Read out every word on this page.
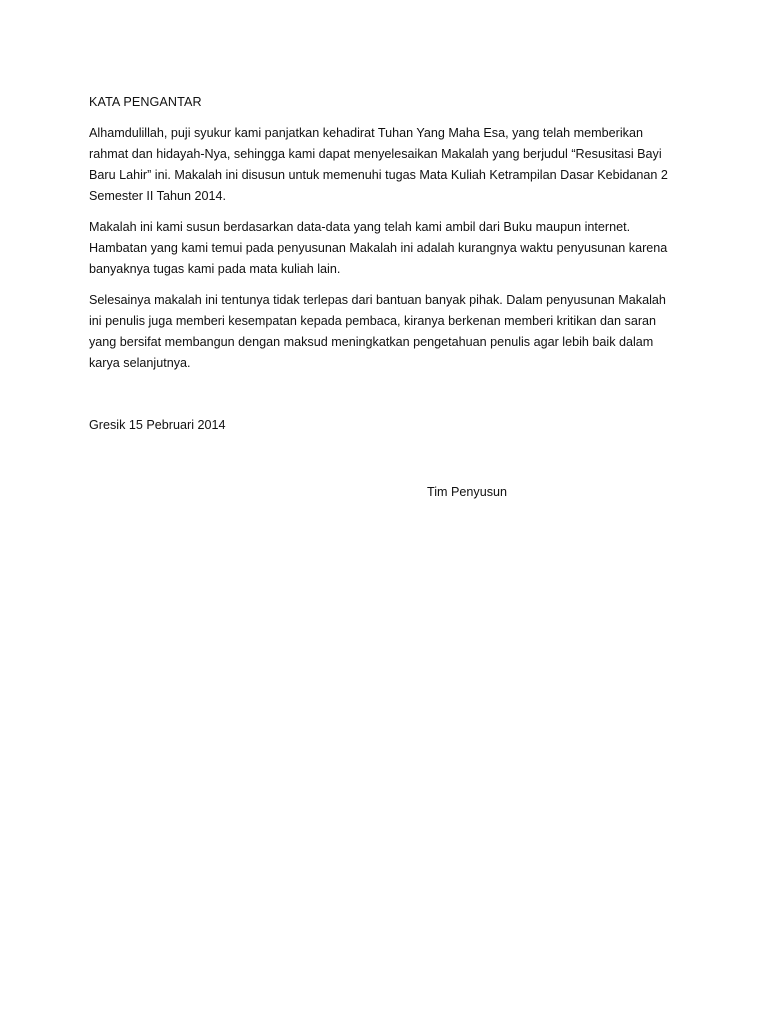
KATA PENGANTAR
Alhamdulillah, puji syukur kami panjatkan kehadirat Tuhan Yang Maha Esa, yang telah memberikan
rahmat dan hidayah-Nya, sehingga kami dapat menyelesaikan Makalah yang berjudul “Resusitasi Bayi
Baru Lahir” ini. Makalah ini disusun untuk memenuhi tugas Mata Kuliah Ketrampilan Dasar Kebidanan 2
Semester II Tahun 2014.
Makalah ini kami susun berdasarkan data-data yang telah kami ambil dari Buku maupun internet.
Hambatan yang kami temui pada penyusunan Makalah ini adalah kurangnya waktu penyusunan karena
banyaknya tugas kami pada mata kuliah lain.
Selesainya makalah ini tentunya tidak terlepas dari bantuan banyak pihak. Dalam penyusunan Makalah
ini penulis juga memberi kesempatan kepada pembaca, kiranya berkenan memberi kritikan dan saran
yang bersifat membangun dengan maksud meningkatkan pengetahuan penulis agar lebih baik dalam
karya selanjutnya.
Gresik 15 Pebruari 2014
Tim Penyusun
